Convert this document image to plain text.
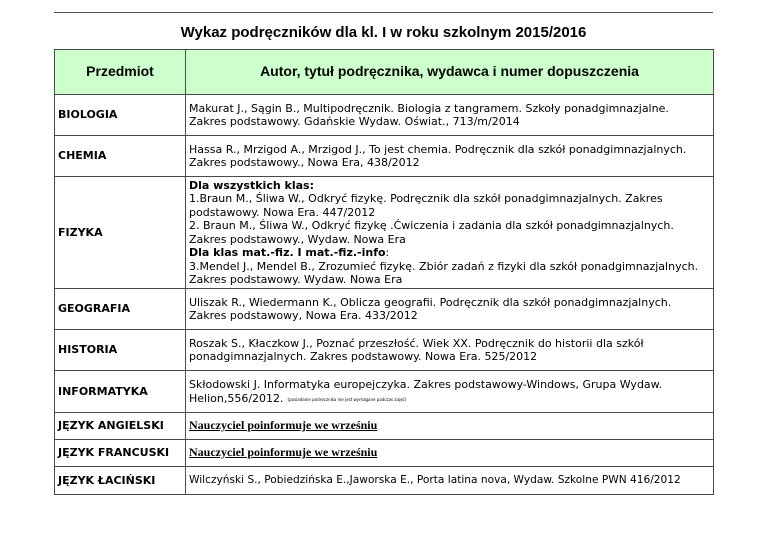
Wykaz podręczników dla kl. I w roku szkolnym 2015/2016
Przedmiot	Autor, tytuł podręcznika, wydawca i numer dopuszczenia

BIOLOGIA	Makurat J., Sągin B., Multipodręcznik. Biologia z tangramem. Szkoły ponadgimnazjalne.
Zakres podstawowy. Gdańskie Wydaw. Oświat., 713/m/2014

CHEMIA	Hassa R., Mrzigod A., Mrzigod J., To jest chemia. Podręcznik dla szkół ponadgimnazjalnych.
Zakres podstawowy., Nowa Era, 438/2012

FIZYKA	Dla wszystkich klas:
1.Braun M., Śliwa W., Odkryć fizykę. Podręcznik dla szkół ponadgimnazjalnych. Zakres podstawowy. Nowa Era. 447/2012
2. Braun M., Śliwa W., Odkryć fizykę .Ćwiczenia i zadania dla szkół ponadgimnazjalnych. Zakres podstawowy., Wydaw. Nowa Era
Dla klas mat.-fiz. I mat.-fiz.-info:
3.Mendel J., Mendel B., Zrozumieć fizykę. Zbiór zadań z fizyki dla szkół ponadgimnazjalnych. Zakres podstawowy. Wydaw. Nowa Era

GEOGRAFIA	Uliszak R., Wiedermann K., Oblicza geografii. Podręcznik dla szkół ponadgimnazjalnych.
Zakres podstawowy, Nowa Era. 433/2012

HISTORIA	Roszak S., Kłaczkow J., Poznać przeszłość. Wiek XX. Podręcznik do historii dla szkół
ponadgimnazjalnych. Zakres podstawowy. Nowa Era. 525/2012

INFORMATYKA	Skłodowski J. Informatyka europejczyka. Zakres podstawowy-Windows, Grupa Wydaw.
Helion,556/2012. (posiadanie podręcznika nie jest wymagane podczas zajęć)

JĘZYK ANGIELSKI	Nauczyciel poinformuje we wrześniu
JĘZYK FRANCUSKI	Nauczyciel poinformuje we wrześniu
JĘZYK ŁACIŃSKI	Wilczyński S., Pobiedzińska E.,Jaworska E., Porta latina nova, Wydaw. Szkolne PWN 416/2012
